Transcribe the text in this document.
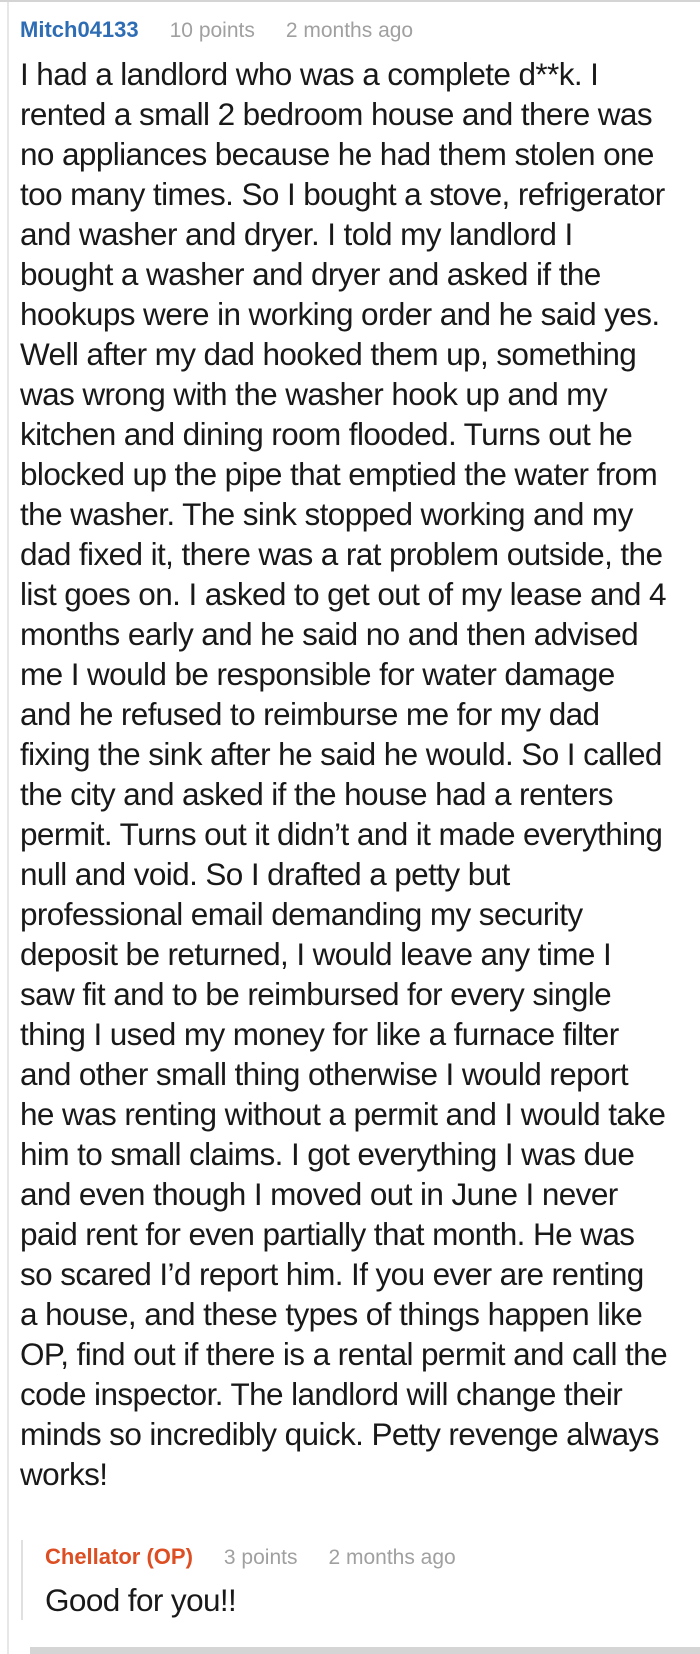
Mitch04133 10 points 2 months ago
I had a landlord who was a complete d**k. I rented a small 2 bedroom house and there was no appliances because he had them stolen one too many times. So I bought a stove, refrigerator and washer and dryer. I told my landlord I bought a washer and dryer and asked if the hookups were in working order and he said yes. Well after my dad hooked them up, something was wrong with the washer hook up and my kitchen and dining room flooded. Turns out he blocked up the pipe that emptied the water from the washer. The sink stopped working and my dad fixed it, there was a rat problem outside, the list goes on. I asked to get out of my lease and 4 months early and he said no and then advised me I would be responsible for water damage and he refused to reimburse me for my dad fixing the sink after he said he would. So I called the city and asked if the house had a renters permit. Turns out it didn’t and it made everything null and void. So I drafted a petty but professional email demanding my security deposit be returned, I would leave any time I saw fit and to be reimbursed for every single thing I used my money for like a furnace filter and other small thing otherwise I would report he was renting without a permit and I would take him to small claims. I got everything I was due and even though I moved out in June I never paid rent for even partially that month. He was so scared I’d report him. If you ever are renting a house, and these types of things happen like OP, find out if there is a rental permit and call the code inspector. The landlord will change their minds so incredibly quick. Petty revenge always works!
Chellator (OP) 3 points 2 months ago
Good for you!!
